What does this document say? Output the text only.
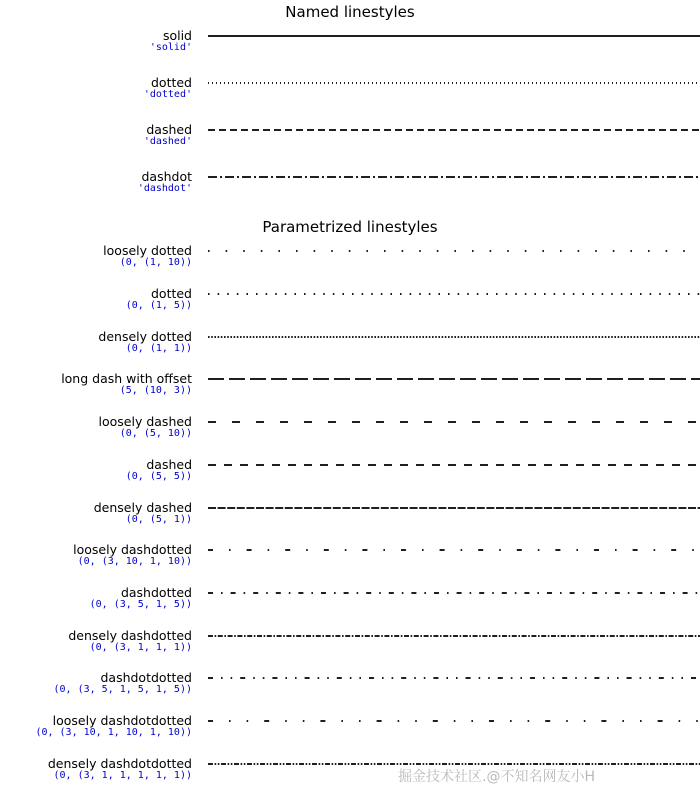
Named linestyles
Parametrized linestyles
solid
'solid'
dotted
'dotted'
dashed
'dashed'
dashdot
'dashdot'
loosely dotted
(0, (1, 10))
dotted
(0, (1, 5))
densely dotted
(0, (1, 1))
long dash with offset
(5, (10, 3))
loosely dashed
(0, (5, 10))
dashed
(0, (5, 5))
densely dashed
(0, (5, 1))
loosely dashdotted
(0, (3, 10, 1, 10))
dashdotted
(0, (3, 5, 1, 5))
densely dashdotted
(0, (3, 1, 1, 1))
dashdotdotted
(0, (3, 5, 1, 5, 1, 5))
loosely dashdotdotted
(0, (3, 10, 1, 10, 1, 10))
densely dashdotdotted
(0, (3, 1, 1, 1, 1, 1))	掘金技术社区.@不知名网友小H
